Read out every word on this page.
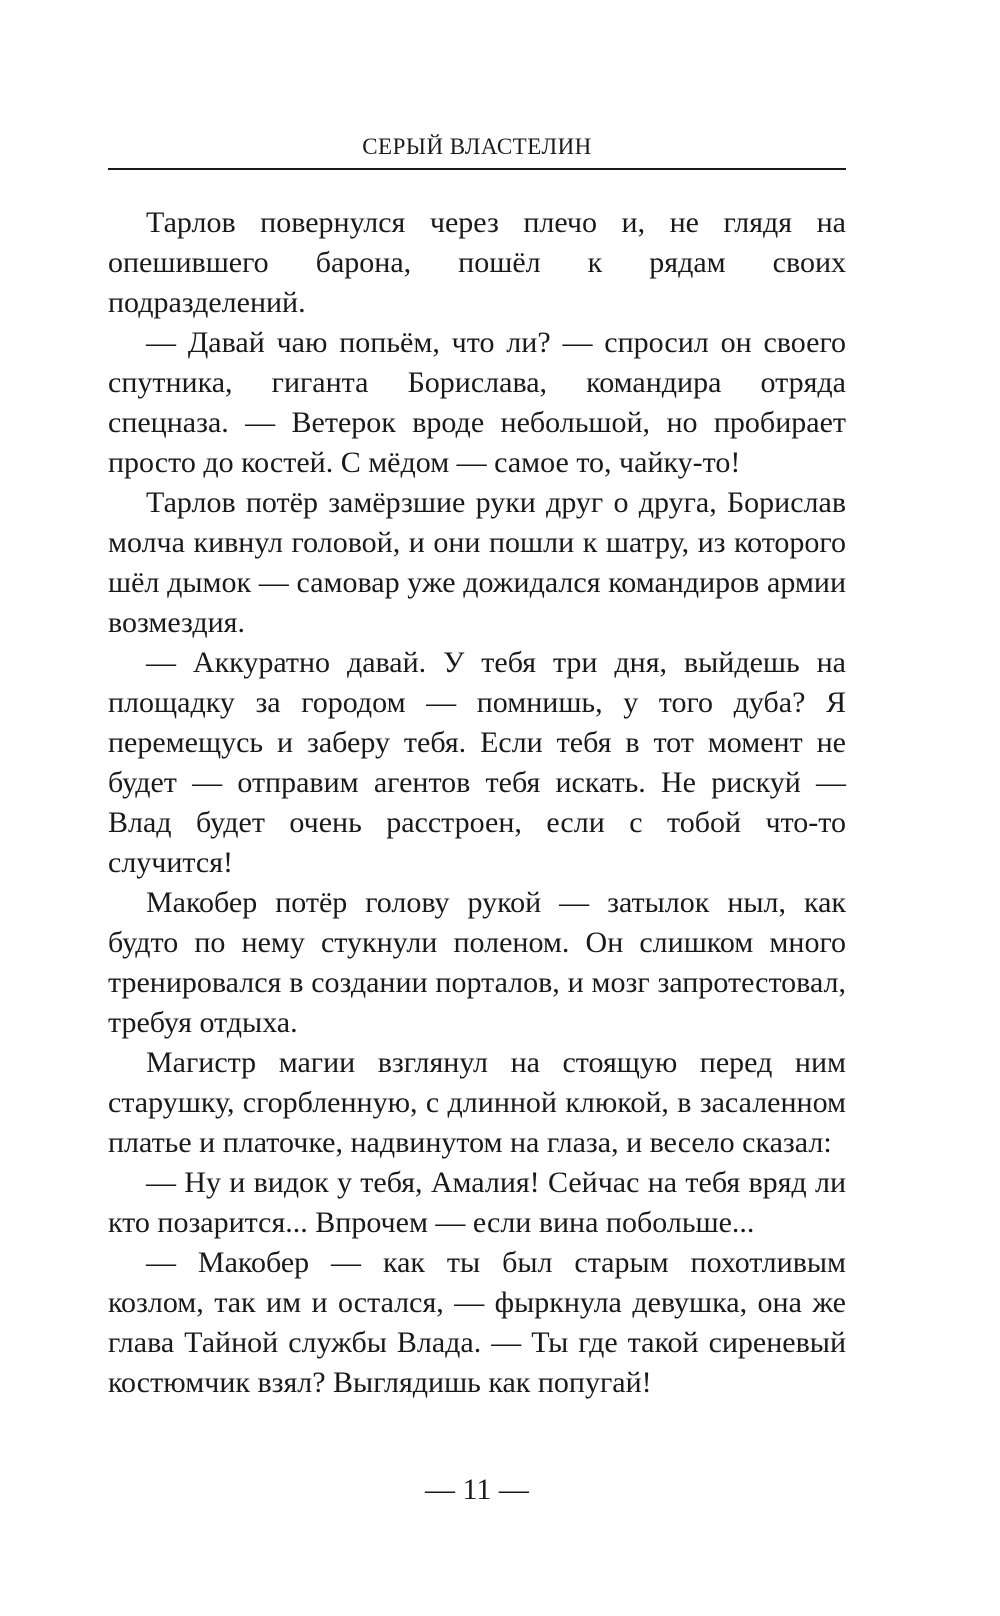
СЕРЫЙ ВЛАСТЕЛИН

Тарлов повернулся через плечо и, не глядя на опешившего барона, пошёл к рядам своих подразделений.

— Давай чаю попьём, что ли? — спросил он своего спутника, гиганта Борислава, командира отряда спецназа. — Ветерок вроде небольшой, но пробирает просто до костей. С мёдом — самое то, чайку-то!

Тарлов потёр замёрзшие руки друг о друга, Борислав молча кивнул головой, и они пошли к шатру, из которого шёл дымок — самовар уже дожидался командиров армии возмездия.

— Аккуратно давай. У тебя три дня, выйдешь на площадку за городом — помнишь, у того дуба? Я перемещусь и заберу тебя. Если тебя в тот момент не будет — отправим агентов тебя искать. Не рискуй — Влад будет очень расстроен, если с тобой что-то случится!

Макобер потёр голову рукой — затылок ныл, как будто по нему стукнули поленом. Он слишком много тренировался в создании порталов, и мозг запротестовал, требуя отдыха.

Магистр магии взглянул на стоящую перед ним старушку, сгорбленную, с длинной клюкой, в засаленном платье и платочке, надвинутом на глаза, и весело сказал:

— Ну и видок у тебя, Амалия! Сейчас на тебя вряд ли кто позарится... Впрочем — если вина побольше...

— Макобер — как ты был старым похотливым козлом, так им и остался, — фыркнула девушка, она же глава Тайной службы Влада. — Ты где такой сиреневый костюмчик взял? Выглядишь как попугай!

— 11 —
